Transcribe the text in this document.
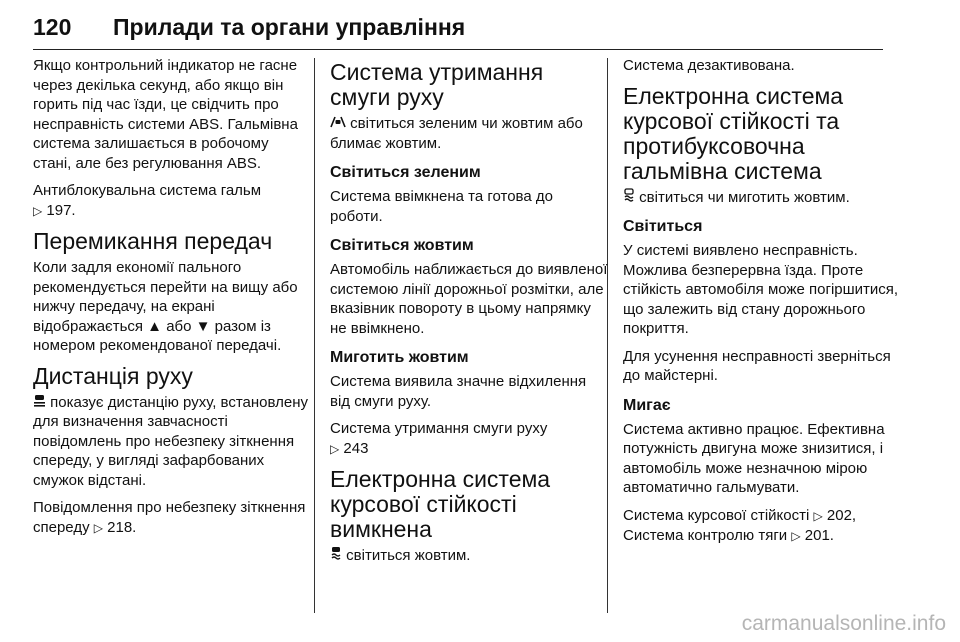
120 Прилади та органи управління

Якщо контрольний індикатор не гасне через декілька секунд, або якщо він горить під час їзди, це свідчить про несправність системи ABS. Гальмівна система залишається в робочому стані, але без регулювання ABS.

Антиблокувальна система гальм
▷ 197.

Перемикання передач

Коли задля економії пального рекомендується перейти на вищу або нижчу передачу, на екрані відображається ▲ або ▼ разом із номером рекомендованої передачі.

Дистанція руху

показує дистанцію руху, встановлену для визначення завчасності повідомлень про небезпеку зіткнення спереду, у вигляді зафарбованих смужок відстані.

Повідомлення про небезпеку зіткнення спереду ▷ 218.

Система утримання смуги руху

світиться зеленим чи жовтим або блимає жовтим.

Світиться зеленим

Система ввімкнена та готова до роботи.

Світиться жовтим

Автомобіль наближається до виявленої системою лінії дорожньої розмітки, але вказівник повороту в цьому напрямку не ввімкнено.

Миготить жовтим

Система виявила значне відхилення від смуги руху.

Система утримання смуги руху
▷ 243

Електронна система курсової стійкості вимкнена

світиться жовтим.

Система дезактивована.

Електронна система курсової стійкості та протибуксовочна гальмівна система

світиться чи миготить жовтим.

Світиться

У системі виявлено несправність. Можлива безперервна їзда. Проте стійкість автомобіля може погіршитися, що залежить від стану дорожнього покриття.

Для усунення несправності зверніться до майстерні.

Мигає

Система активно працює. Ефективна потужність двигуна може знизитися, і автомобіль може незначною мірою автоматично гальмувати.

Система курсової стійкості ▷ 202,
Система контролю тяги ▷ 201.

carmanualsonline.info
